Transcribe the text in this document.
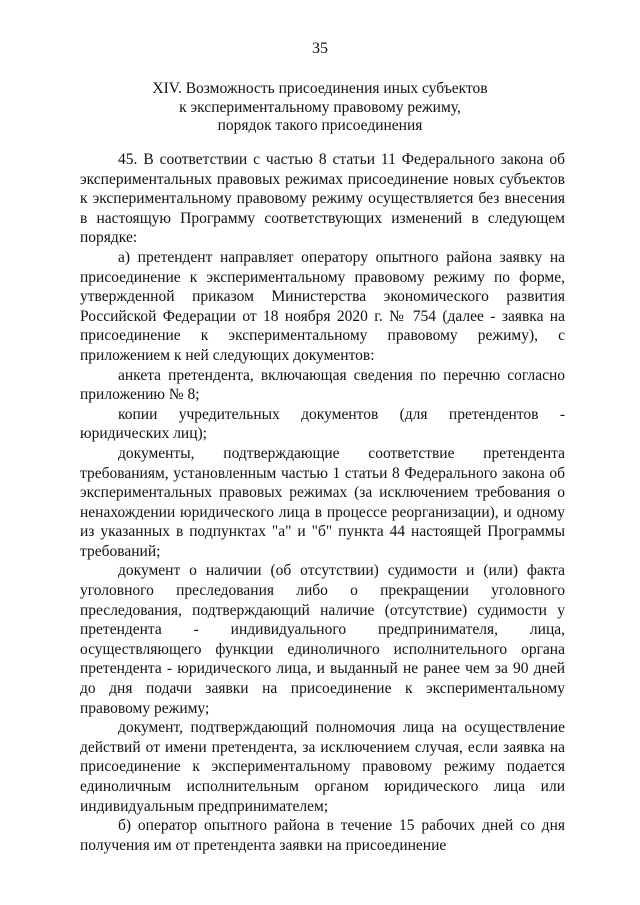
35
XIV. Возможность присоединения иных субъектов
к экспериментальному правовому режиму,
порядок такого присоединения

45. В соответствии с частью 8 статьи 11 Федерального закона об экспериментальных правовых режимах присоединение новых субъектов к экспериментальному правовому режиму осуществляется без внесения в настоящую Программу соответствующих изменений в следующем порядке:

а) претендент направляет оператору опытного района заявку на присоединение к экспериментальному правовому режиму по форме, утвержденной приказом Министерства экономического развития Российской Федерации от 18 ноября 2020 г. № 754 (далее - заявка на присоединение к экспериментальному правовому режиму), с приложением к ней следующих документов:

анкета претендента, включающая сведения по перечню согласно приложению № 8;

копии учредительных документов (для претендентов - юридических лиц);

документы, подтверждающие соответствие претендента требованиям, установленным частью 1 статьи 8 Федерального закона об экспериментальных правовых режимах (за исключением требования о ненахождении юридического лица в процессе реорганизации), и одному из указанных в подпунктах "а" и "б" пункта 44 настоящей Программы требований;

документ о наличии (об отсутствии) судимости и (или) факта уголовного преследования либо о прекращении уголовного преследования, подтверждающий наличие (отсутствие) судимости у претендента - индивидуального предпринимателя, лица, осуществляющего функции единоличного исполнительного органа претендента - юридического лица, и выданный не ранее чем за 90 дней до дня подачи заявки на присоединение к экспериментальному правовому режиму;

документ, подтверждающий полномочия лица на осуществление действий от имени претендента, за исключением случая, если заявка на присоединение к экспериментальному правовому режиму подается единоличным исполнительным органом юридического лица или индивидуальным предпринимателем;

б) оператор опытного района в течение 15 рабочих дней со дня получения им от претендента заявки на присоединение
